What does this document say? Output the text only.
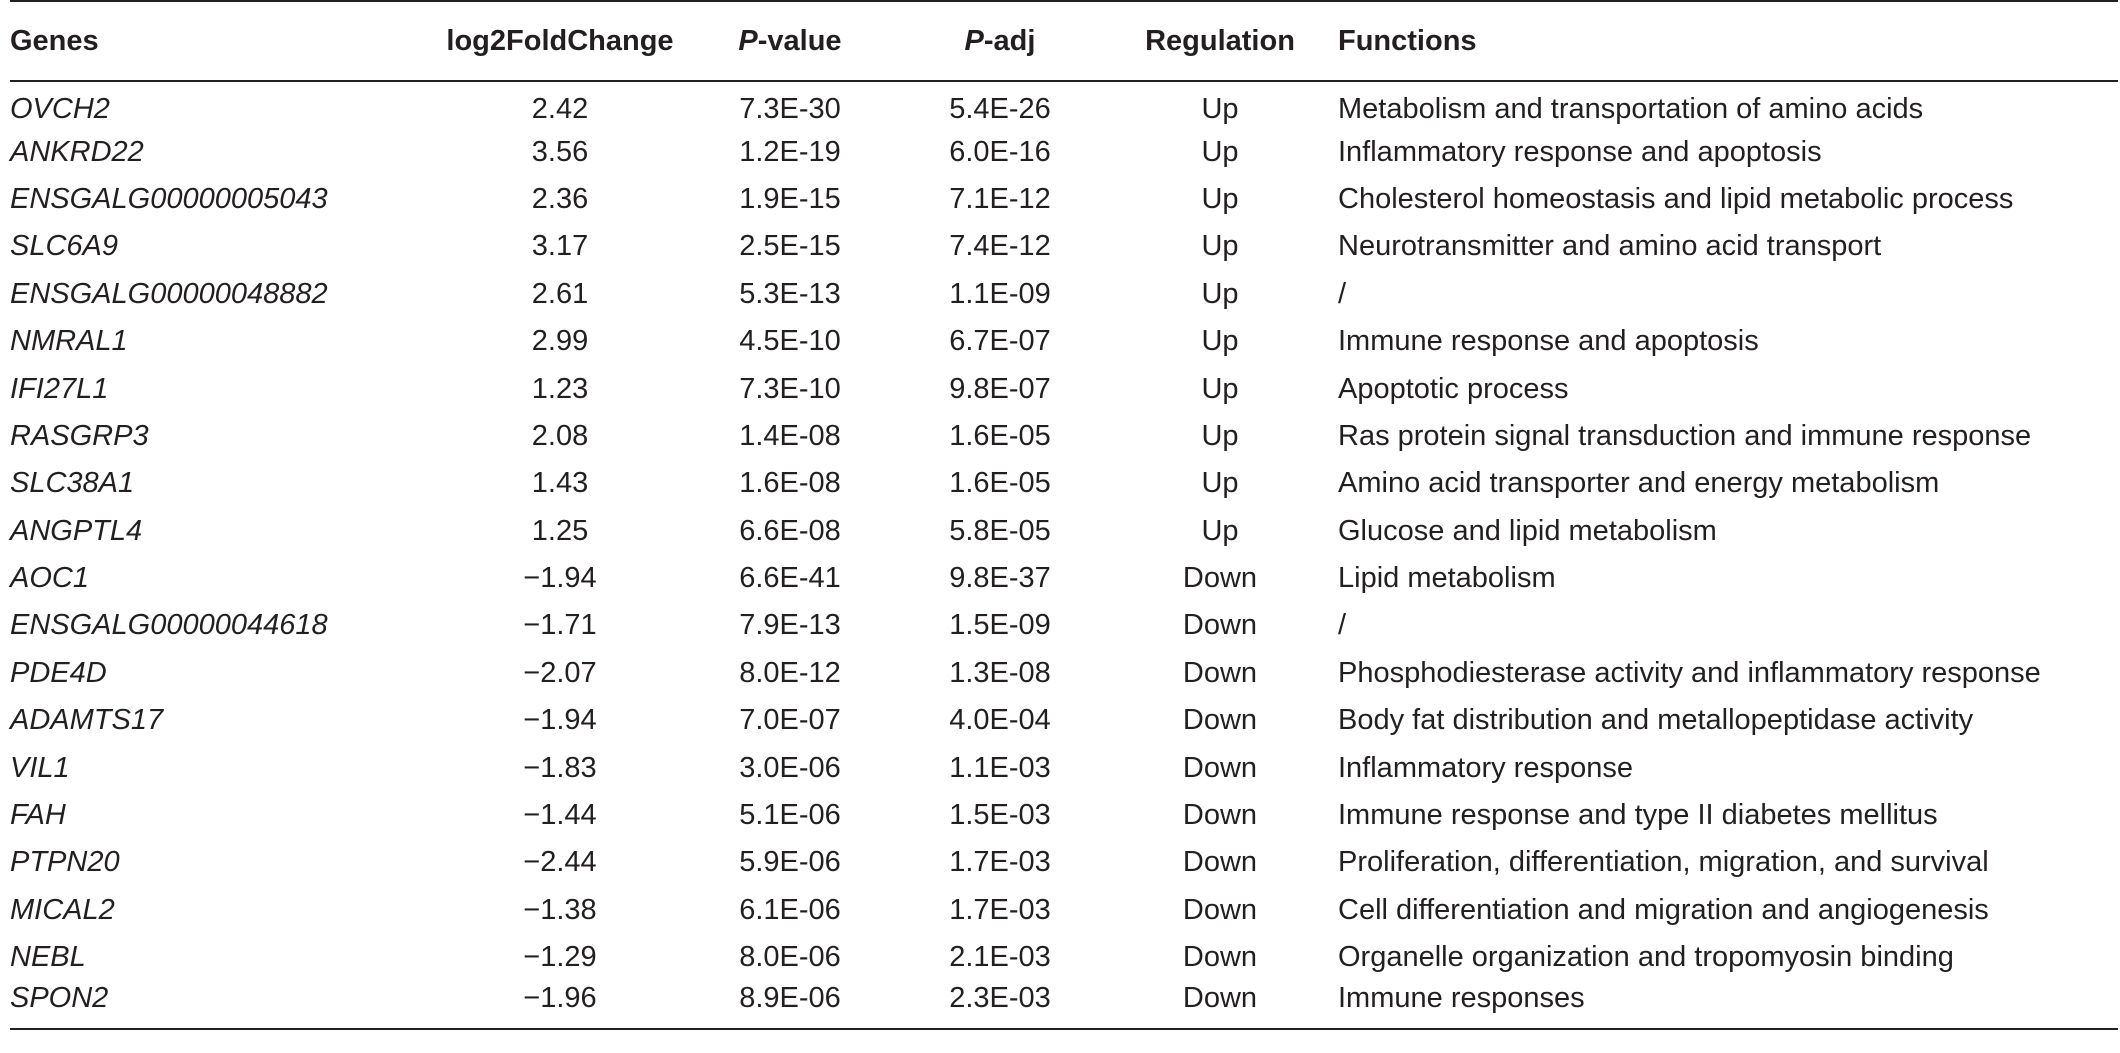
Genes	log2FoldChange	P-value	P-adj	Regulation	Functions
OVCH2	2.42	7.3E-30	5.4E-26	Up	Metabolism and transportation of amino acids
ANKRD22	3.56	1.2E-19	6.0E-16	Up	Inflammatory response and apoptosis
ENSGALG00000005043	2.36	1.9E-15	7.1E-12	Up	Cholesterol homeostasis and lipid metabolic process
SLC6A9	3.17	2.5E-15	7.4E-12	Up	Neurotransmitter and amino acid transport
ENSGALG00000048882	2.61	5.3E-13	1.1E-09	Up	/
NMRAL1	2.99	4.5E-10	6.7E-07	Up	Immune response and apoptosis
IFI27L1	1.23	7.3E-10	9.8E-07	Up	Apoptotic process
RASGRP3	2.08	1.4E-08	1.6E-05	Up	Ras protein signal transduction and immune response
SLC38A1	1.43	1.6E-08	1.6E-05	Up	Amino acid transporter and energy metabolism
ANGPTL4	1.25	6.6E-08	5.8E-05	Up	Glucose and lipid metabolism
AOC1	−1.94	6.6E-41	9.8E-37	Down	Lipid metabolism
ENSGALG00000044618	−1.71	7.9E-13	1.5E-09	Down	/
PDE4D	−2.07	8.0E-12	1.3E-08	Down	Phosphodiesterase activity and inflammatory response
ADAMTS17	−1.94	7.0E-07	4.0E-04	Down	Body fat distribution and metallopeptidase activity
VIL1	−1.83	3.0E-06	1.1E-03	Down	Inflammatory response
FAH	−1.44	5.1E-06	1.5E-03	Down	Immune response and type II diabetes mellitus
PTPN20	−2.44	5.9E-06	1.7E-03	Down	Proliferation, differentiation, migration, and survival
MICAL2	−1.38	6.1E-06	1.7E-03	Down	Cell differentiation and migration and angiogenesis
NEBL	−1.29	8.0E-06	2.1E-03	Down	Organelle organization and tropomyosin binding
SPON2	−1.96	8.9E-06	2.3E-03	Down	Immune responses
